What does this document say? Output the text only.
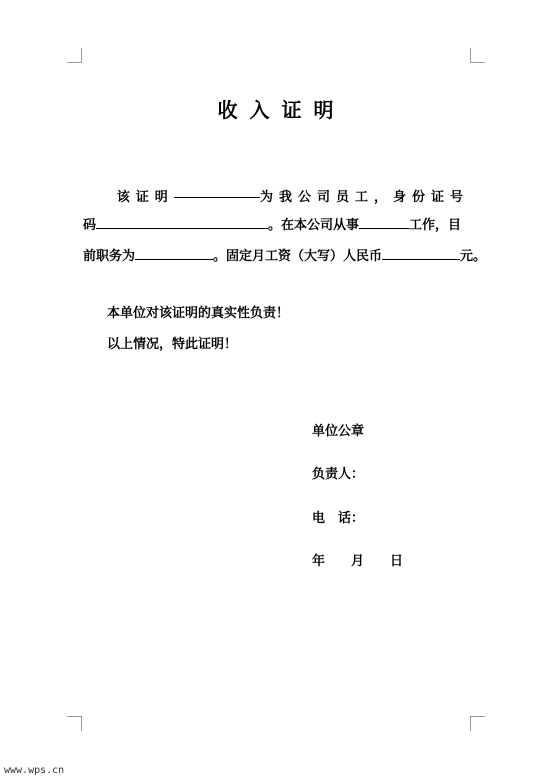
收入证明
该证明	为我公司员工，身份证号
码	。在本公司从事	工作，目
前职务为	。固定月工资（大写）人民币	元。
本单位对该证明的真实性负责！
以上情况，特此证明！
单位公章
负责人：
电　话：
年 月 日
www.wps.cn
